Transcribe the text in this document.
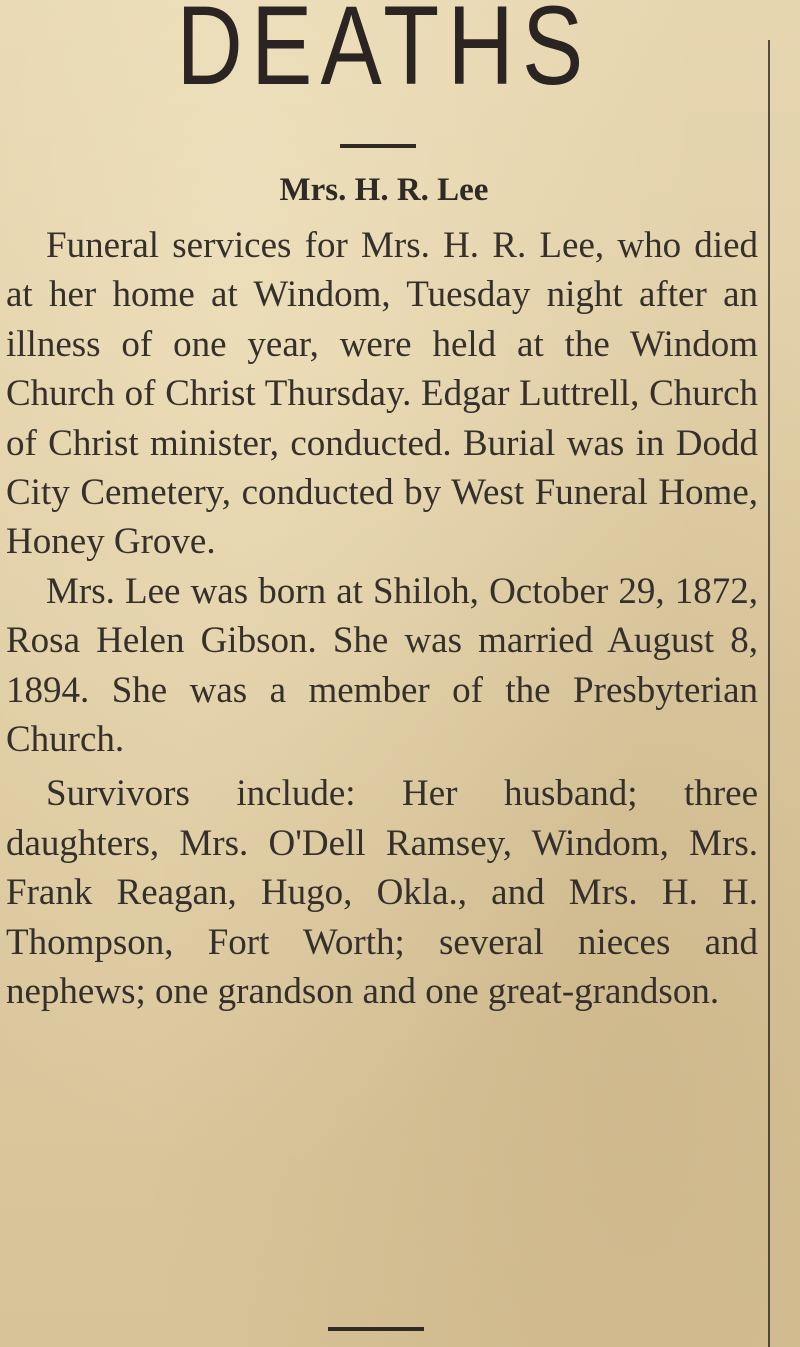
DEATHS
Mrs. H. R. Lee

Funeral services for Mrs. H. R. Lee, who died at her home at Windom, Tuesday night after an illness of one year, were held at the Windom Church of Christ Thursday. Edgar Luttrell, Church of Christ minister, conducted. Burial was in Dodd City Cemetery, conducted by West Funeral Home, Honey Grove.

Mrs. Lee was born at Shiloh, October 29, 1872, Rosa Helen Gibson. She was married August 8, 1894. She was a member of the Presbyterian Church.

Survivors include: Her husband; three daughters, Mrs. O'Dell Ramsey, Windom, Mrs. Frank Reagan, Hugo, Okla., and Mrs. H. H. Thompson, Fort Worth; several nieces and nephews; one grandson and one great-grandson.
